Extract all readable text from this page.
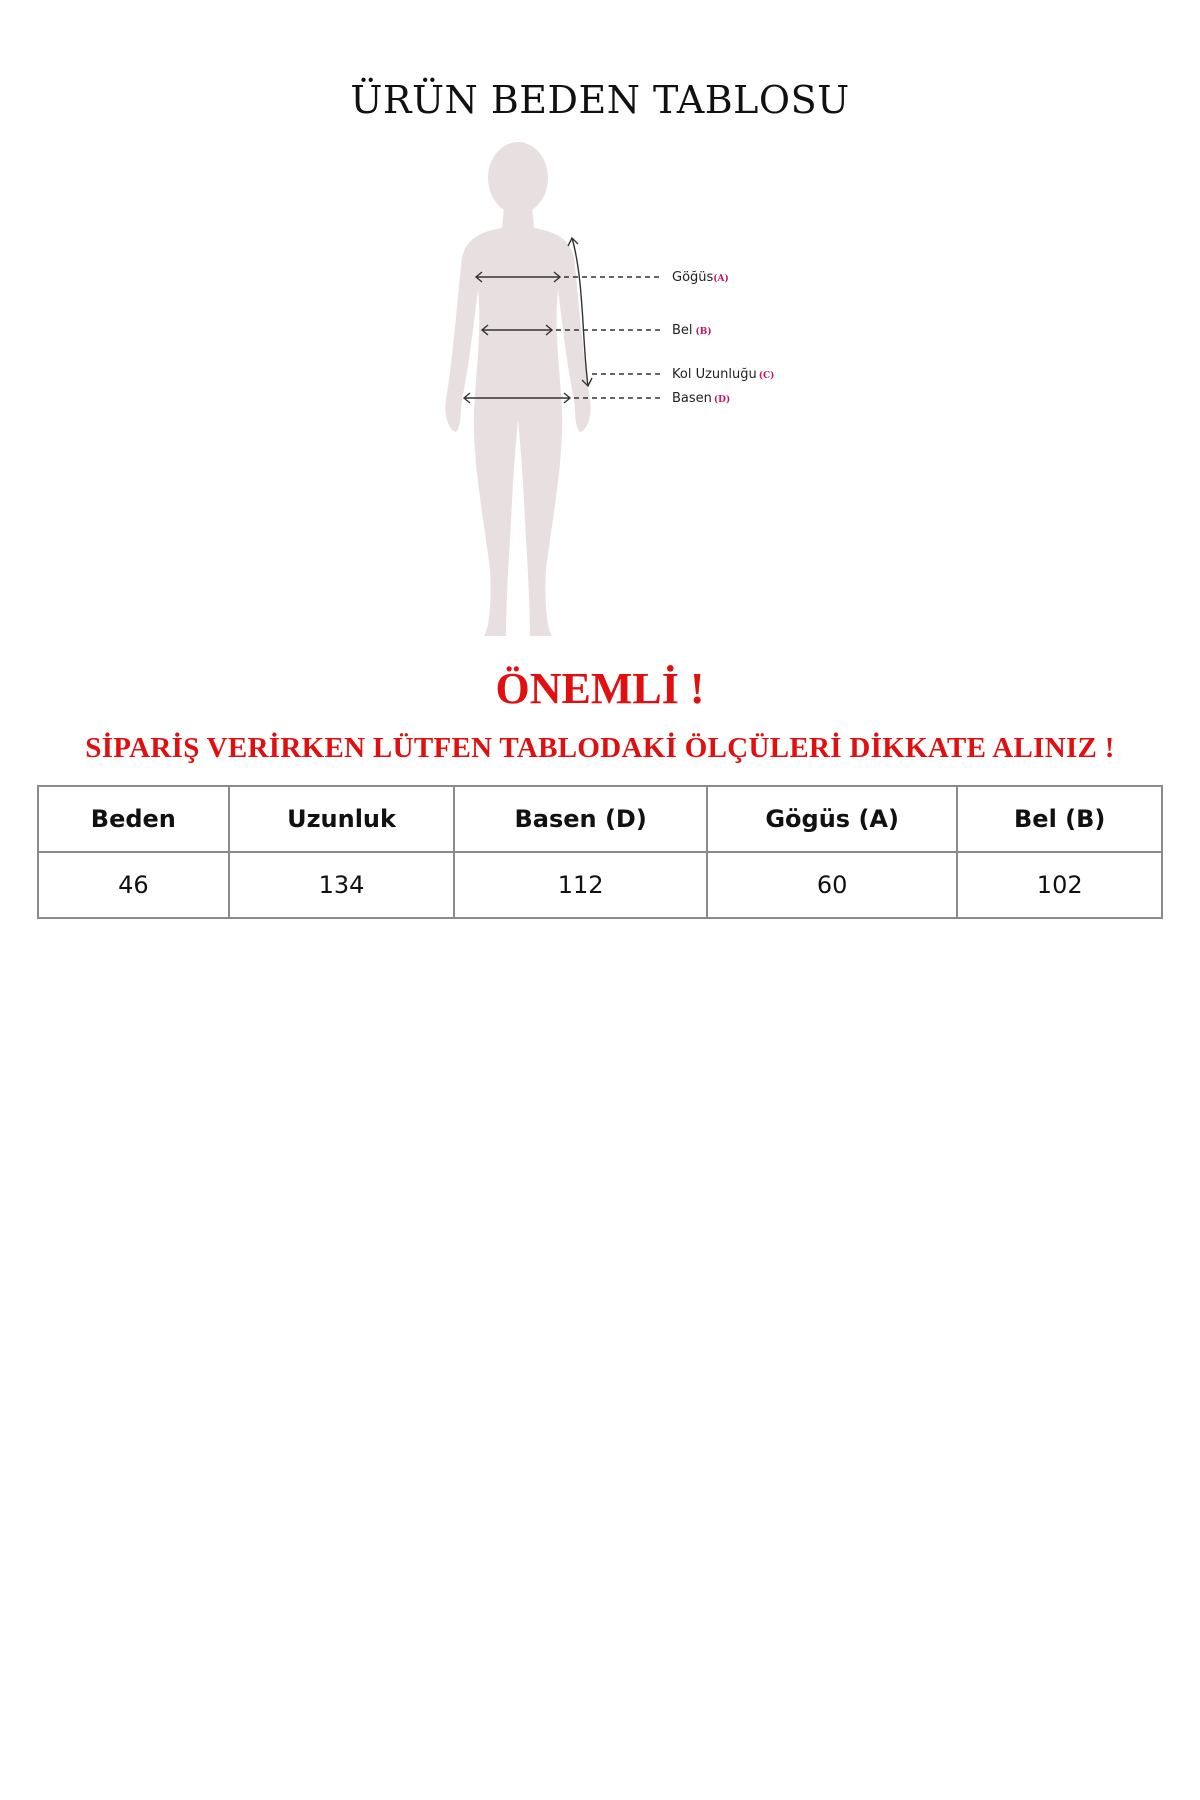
ÜRÜN BEDEN TABLOSU
Göğüs(A)
Bel (B)
Kol Uzunluğu (C)
Basen (D)
ÖNEMLİ !
SİPARİŞ VERİRKEN LÜTFEN TABLODAKİ ÖLÇÜLERİ DİKKATE ALINIZ !
Beden	Uzunluk	Basen (D)	Gögüs (A)	Bel (B)
46	134	112	60	102
